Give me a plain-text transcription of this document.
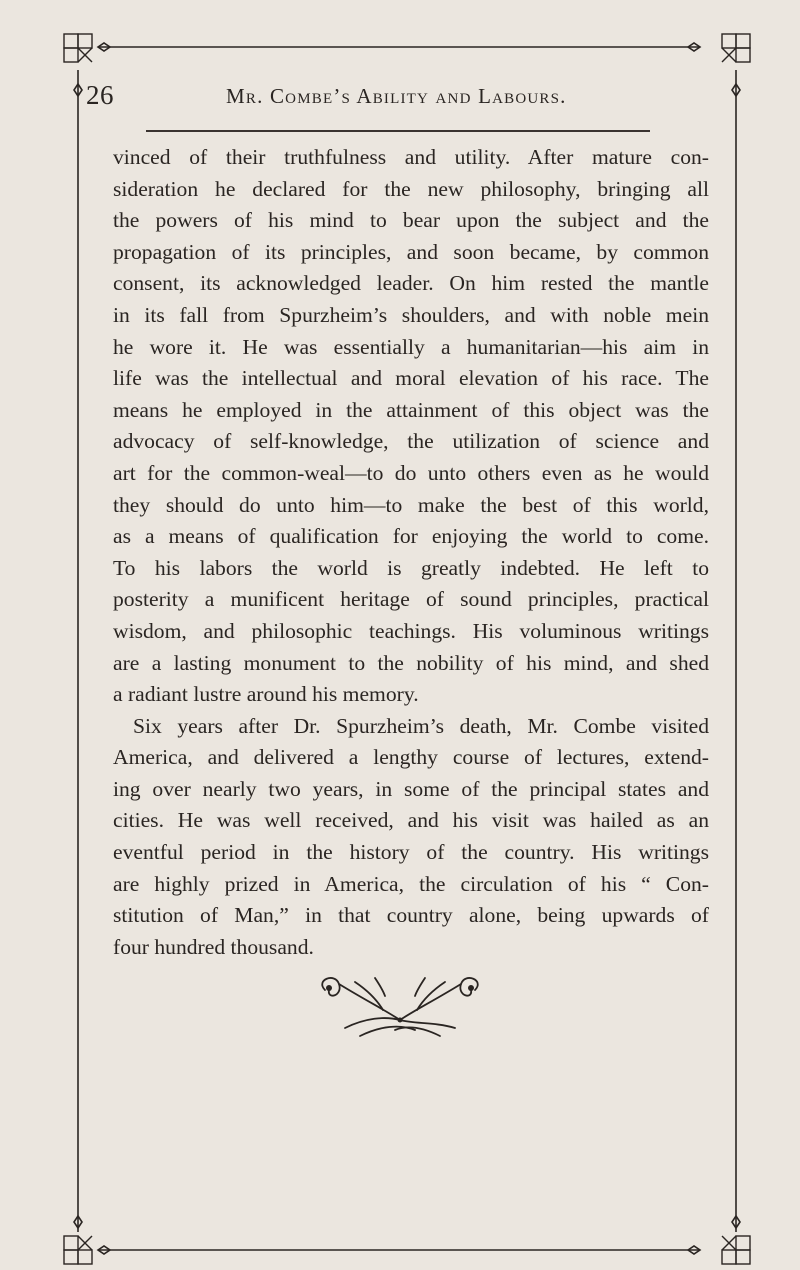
26	Mr. Combe’s Ability and Labours.
vinced of their truthfulness and utility. After mature con-
sideration he declared for the new philosophy, bringing all
the powers of his mind to bear upon the subject and the
propagation of its principles, and soon became, by common
consent, its acknowledged leader. On him rested the mantle
in its fall from Spurzheim’s shoulders, and with noble mein
he wore it. He was essentially a humanitarian—his aim in
life was the intellectual and moral elevation of his race. The
means he employed in the attainment of this object was the
advocacy of self-knowledge, the utilization of science and
art for the common-weal—to do unto others even as he would
they should do unto him—to make the best of this world,
as a means of qualification for enjoying the world to come.
To his labors the world is greatly indebted. He left to
posterity a munificent heritage of sound principles, practical
wisdom, and philosophic teachings. His voluminous writings
are a lasting monument to the nobility of his mind, and shed
a radiant lustre around his memory.
Six years after Dr. Spurzheim’s death, Mr. Combe visited
America, and delivered a lengthy course of lectures, extend-
ing over nearly two years, in some of the principal states and
cities. He was well received, and his visit was hailed as an
eventful period in the history of the country. His writings
are highly prized in America, the circulation of his “ Con-
stitution of Man,” in that country alone, being upwards of
four hundred thousand.
